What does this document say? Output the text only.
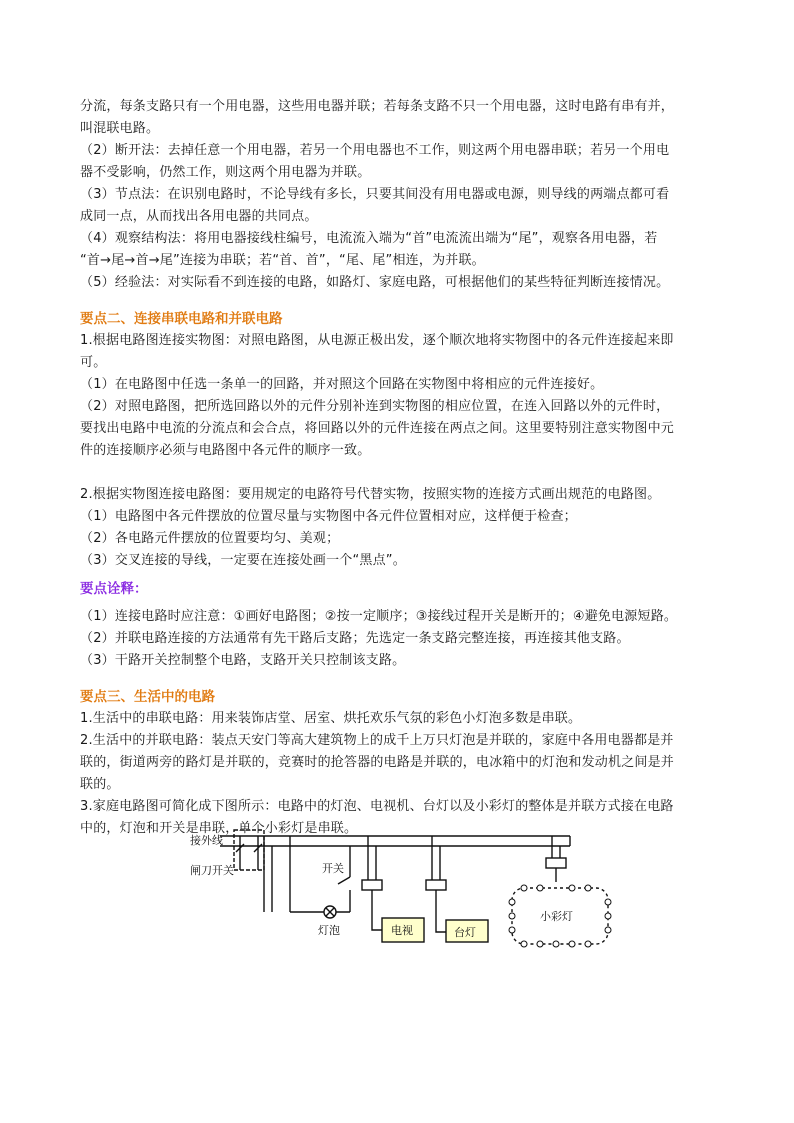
分流，每条支路只有一个用电器，这些用电器并联；若每条支路不只一个用电器，这时电路有串有并，

叫混联电路。

（2）断开法：去掉任意一个用电器，若另一个用电器也不工作，则这两个用电器串联；若另一个用电

器不受影响，仍然工作，则这两个用电器为并联。

（3）节点法：在识别电路时，不论导线有多长，只要其间没有用电器或电源，则导线的两端点都可看

成同一点，从而找出各用电器的共同点。

（4）观察结构法：将用电器接线柱编号，电流流入端为“首”电流流出端为“尾”，观察各用电器，若

“首→尾→首→尾”连接为串联；若“首、首”，“尾、尾”相连，为并联。

（5）经验法：对实际看不到连接的电路，如路灯、家庭电路，可根据他们的某些特征判断连接情况。

要点二、连接串联电路和并联电路

1.根据电路图连接实物图：对照电路图，从电源正极出发，逐个顺次地将实物图中的各元件连接起来即

可。

（1）在电路图中任选一条单一的回路，并对照这个回路在实物图中将相应的元件连接好。

（2）对照电路图，把所选回路以外的元件分别补连到实物图的相应位置，在连入回路以外的元件时，

要找出电路中电流的分流点和会合点，将回路以外的元件连接在两点之间。这里要特别注意实物图中元

件的连接顺序必须与电路图中各元件的顺序一致。

2.根据实物图连接电路图：要用规定的电路符号代替实物，按照实物的连接方式画出规范的电路图。

（1）电路图中各元件摆放的位置尽量与实物图中各元件位置相对应，这样便于检查；

（2）各电路元件摆放的位置要均匀、美观；

（3）交叉连接的导线，一定要在连接处画一个“黑点”。

要点诠释：

（1）连接电路时应注意：①画好电路图；②按一定顺序；③接线过程开关是断开的；④避免电源短路。

（2）并联电路连接的方法通常有先干路后支路；先选定一条支路完整连接，再连接其他支路。

（3）干路开关控制整个电路，支路开关只控制该支路。

要点三、生活中的电路

1.生活中的串联电路：用来装饰店堂、居室、烘托欢乐气氛的彩色小灯泡多数是串联。

2.生活中的并联电路：装点天安门等高大建筑物上的成千上万只灯泡是并联的，家庭中各用电器都是并

联的，街道两旁的路灯是并联的，竞赛时的抢答器的电路是并联的，电冰箱中的灯泡和发动机之间是并

联的。

3.家庭电路图可简化成下图所示：电路中的灯泡、电视机、台灯以及小彩灯的整体是并联方式接在电路

中的，灯泡和开关是串联，单个小彩灯是串联。

接外线
闸刀开关	开关
灯泡	电视	台灯
小彩灯
